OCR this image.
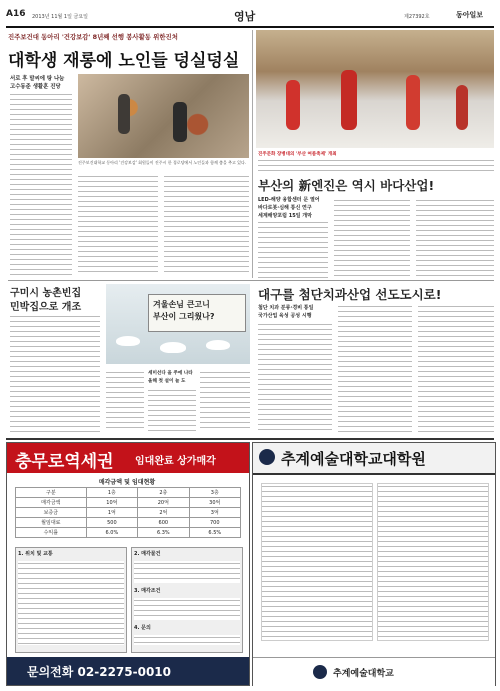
A16 2013년 11월 1일 금요일	영남	제27392호	동아일보
진주보건대 동아리 '건강보감' 8년째 선행 봉사활동 위한진처
대학생 재롱에 노인들 덩실덩실
서로 후 말씨에 탕 나눔
고수동준 생활훈 진당
진주보건대학교 동아리 '건강보감' 회원들이 진주시 한 경로당에서 노인들과 함께 춤을 추고 있다.
진주문화 장병대의 '부산 여름축제' 개최
부산의 新엔진은 역시 바다산업!
LED-해양 융합센터 문 열어
바다로봇·심해 통신 연구
세계해양포럼 15일 개막
대구를 첨단치과산업 선도도시로!
첨단 치과 분류·경비 통일
국가산업 육성 공성 시행
구미시 농촌빈집
민박집으로 개조	겨울손님 큰고니
부산이 그리웠나?
세미선다 을 주에 나타
올해 첫 설이 늘 도
충무로역세권 임대완료 상가매각
매각금액 및 임대현황
구분	1층	2층	3층
매각금액	10억	20억	30억
보증금	1억	2억	3억
월임대료	500	600	700
수익률	6.0%	6.3%	6.5%
1. 위치 및 교통	2. 매각물건
3. 매각조건
4. 문의
문의전화 02-2275-0010
추계예술대학교대학원
추계예술대학교
